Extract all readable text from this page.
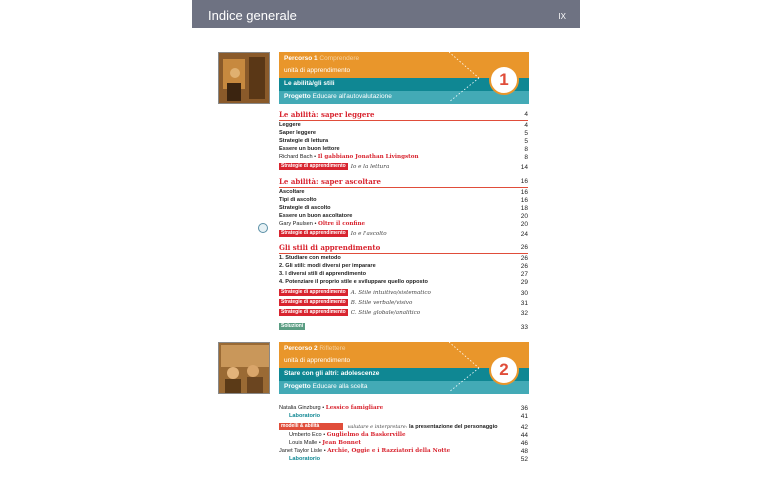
Indice generale	IX
Percorso 1 Comprendere
unità di apprendimento
Le abilità/gli stili
Progetto Educare all'autovalutazione
1
Le abilità: saper leggere	4
Leggere	4
Saper leggere	5
Strategie di lettura	5
Essere un buon lettore	8
Richard Bach • Il gabbiano Jonathan Livingston	8
Strategie di apprendimento Io e la lettura	14
Le abilità: saper ascoltare	16
Ascoltare	16
Tipi di ascolto	16
Strategie di ascolto	18
Essere un buon ascoltatore	20
Gary Paulsen • Oltre il confine	20
Strategie di apprendimento Io e l'ascolto	24
Gli stili di apprendimento	26
1. Studiare con metodo	26
2. Gli stili: modi diversi per imparare	26
3. I diversi stili di apprendimento	27
4. Potenziare il proprio stile e sviluppare quello opposto	29
Strategie di apprendimento A. Stile intuitivo/sistematico	30
Strategie di apprendimento B. Stile verbale/visivo	31
Strategie di apprendimento C. Stile globale/analitico	32
Soluzioni	33
Percorso 2 Riflettere
unità di apprendimento
Stare con gli altri: adolescenze
Progetto Educare alla scelta
2
Natalia Ginzburg • Lessico famigliare	36
Laboratorio	41
modelli & abilità	valutare e interpretare: la presentazione del personaggio	42
Umberto Eco • Guglielmo da Baskerville	44
Louis Malle • Jean Bonnet	46
Janet Taylor Lisle • Archie, Oggie e i Razziatori della Notte	48
Laboratorio	52
